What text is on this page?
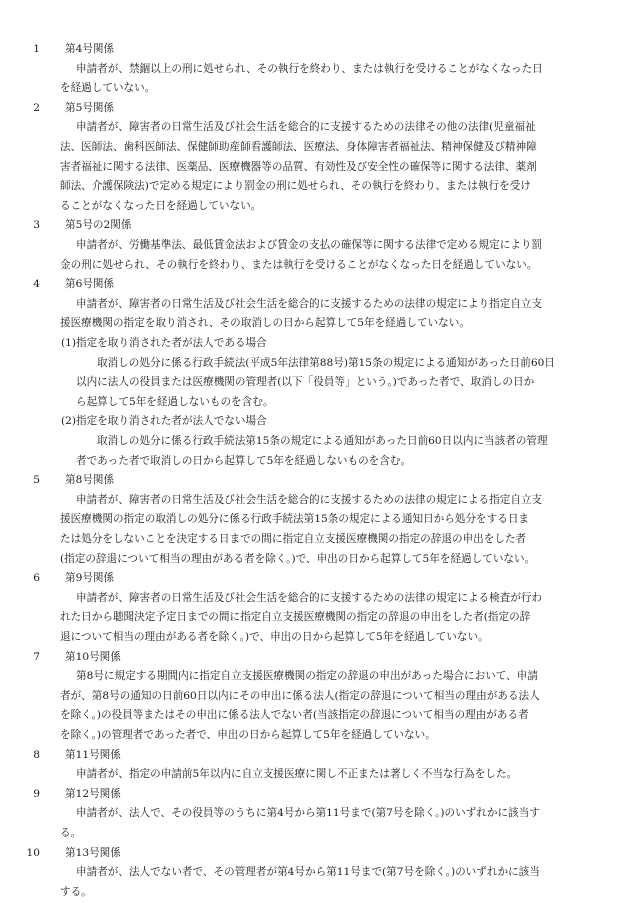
1 第4号関係
申請者が、禁錮以上の刑に処せられ、その執行を終わり、または執行を受けることがなくなった日
を経過していない。
2 第5号関係
申請者が、障害者の日常生活及び社会生活を総合的に支援するための法律その他の法律(児童福祉
法、医師法、歯科医師法、保健師助産師看護師法、医療法、身体障害者福祉法、精神保健及び精神障
害者福祉に関する法律、医薬品、医療機器等の品質、有効性及び安全性の確保等に関する法律、薬剤
師法、介護保険法)で定める規定により罰金の刑に処せられ、その執行を終わり、または執行を受け
ることがなくなった日を経過していない。
3 第5号の2関係
申請者が、労働基準法、最低賃金法および賃金の支払の確保等に関する法律で定める規定により罰
金の刑に処せられ、その執行を終わり、または執行を受けることがなくなった日を経過していない。
4 第6号関係
申請者が、障害者の日常生活及び社会生活を総合的に支援するための法律の規定により指定自立支
援医療機関の指定を取り消され、その取消しの日から起算して5年を経過していない。
(1)指定を取り消された者が法人である場合
取消しの処分に係る行政手続法(平成5年法律第88号)第15条の規定による通知があった日前60日
以内に法人の役員または医療機関の管理者(以下「役員等」という。)であった者で、取消しの日か
ら起算して5年を経過しないものを含む。
(2)指定を取り消された者が法人でない場合
取消しの処分に係る行政手続法第15条の規定による通知があった日前60日以内に当該者の管理
者であった者で取消しの日から起算して5年を経過しないものを含む。
5 第8号関係
申請者が、障害者の日常生活及び社会生活を総合的に支援するための法律の規定による指定自立支
援医療機関の指定の取消しの処分に係る行政手続法第15条の規定による通知日から処分をする日ま
たは処分をしないことを決定する日までの間に指定自立支援医療機関の指定の辞退の申出をした者
(指定の辞退について相当の理由がある者を除く。)で、申出の日から起算して5年を経過していない。
6 第9号関係
申請者が、障害者の日常生活及び社会生活を総合的に支援するための法律の規定による検査が行わ
れた日から聴聞決定予定日までの間に指定自立支援医療機関の指定の辞退の申出をした者(指定の辞
退について相当の理由がある者を除く。)で、申出の日から起算して5年を経過していない。
7 第10号関係
第8号に規定する期間内に指定自立支援医療機関の指定の辞退の申出があった場合において、申請
者が、第8号の通知の日前60日以内にその申出に係る法人(指定の辞退について相当の理由がある法人
を除く。)の役員等またはその申出に係る法人でない者(当該指定の辞退について相当の理由がある者
を除く。)の管理者であった者で、申出の日から起算して5年を経過していない。
8 第11号関係
申請者が、指定の申請前5年以内に自立支援医療に関し不正または著しく不当な行為をした。
9 第12号関係
申請者が、法人で、その役員等のうちに第4号から第11号まで(第7号を除く。)のいずれかに該当す
る。
10 第13号関係
申請者が、法人でない者で、その管理者が第4号から第11号まで(第7号を除く。)のいずれかに該当
する。
